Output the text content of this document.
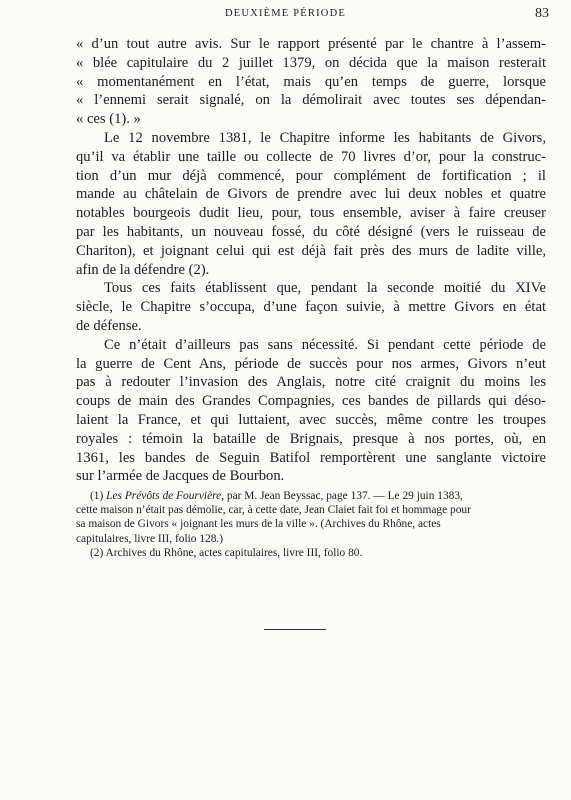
DEUXIÈME PÉRIODE	83
« d’un tout autre avis. Sur le rapport présenté par le chantre à l’assem-
« blée capitulaire du 2 juillet 1379, on décida que la maison resterait
« momentanément en l’état, mais qu’en temps de guerre, lorsque
« l’ennemi serait signalé, on la démolirait avec toutes ses dépendan-
« ces (1). »
Le 12 novembre 1381, le Chapitre informe les habitants de Givors,
qu’il va établir une taille ou collecte de 70 livres d’or, pour la construc-
tion d’un mur déjà commencé, pour complément de fortification ; il
mande au châtelain de Givors de prendre avec lui deux nobles et quatre
notables bourgeois dudit lieu, pour, tous ensemble, aviser à faire creuser
par les habitants, un nouveau fossé, du côté désigné (vers le ruisseau de
Chariton), et joignant celui qui est déjà fait près des murs de ladite ville,
afin de la défendre (2).
Tous ces faits établissent que, pendant la seconde moitié du XIVe
siècle, le Chapitre s’occupa, d’une façon suivie, à mettre Givors en état
de défense.
Ce n’était d’ailleurs pas sans nécessité. Si pendant cette période de
la guerre de Cent Ans, période de succès pour nos armes, Givors n’eut
pas à redouter l’invasion des Anglais, notre cité craignit du moins les
coups de main des Grandes Compagnies, ces bandes de pillards qui déso-
laient la France, et qui luttaient, avec succès, même contre les troupes
royales : témoin la bataille de Brignais, presque à nos portes, où, en
1361, les bandes de Seguin Batifol remportèrent une sanglante victoire
sur l’armée de Jacques de Bourbon.
(1) Les Prévôts de Fourvière, par M. Jean Beyssac, page 137. — Le 29 juin 1383,
cette maison n’était pas démolie, car, à cette date, Jean Claiet fait foi et hommage pour
sa maison de Givors « joignant les murs de la ville ». (Archives du Rhône, actes
capitulaires, livre III, folio 128.)
(2) Archives du Rhône, actes capitulaires, livre III, folio 80.
